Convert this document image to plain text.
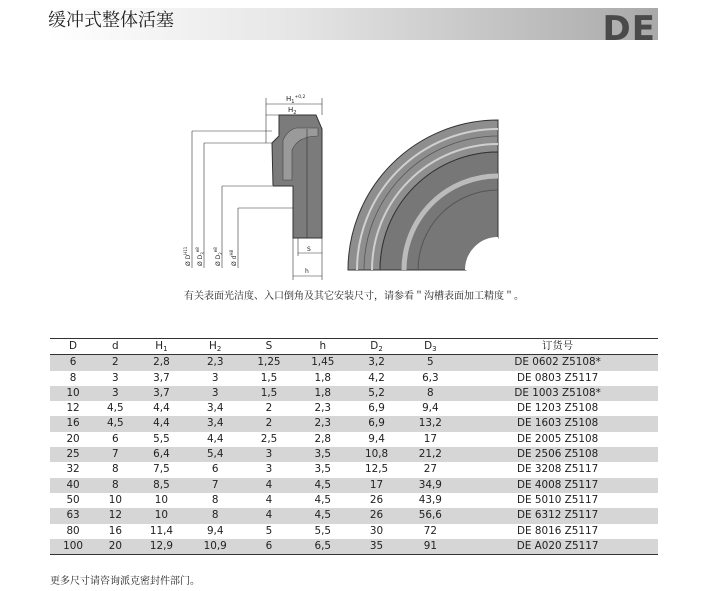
缓冲式整体活塞	DE
$H_1^{+0,2}$
$H_2$
Ø $D^{H11}$
Ø $D_3^{e8}$
Ø $D_2^{e8}$
Ø $d^{H8}$	S
h
有关表面光洁度、入口倒角及其它安装尺寸，请参看＂沟槽表面加工精度＂。
D	d	$H_1$	$H_2$	S	h	$D_2$	$D_3$	订货号
6	2	2,8	2,3	1,25	1,45	3,2	5	DE 0602 Z5108*
8	3	3,7	3	1,5	1,8	4,2	6,3	DE 0803 Z5117
10	3	3,7	3	1,5	1,8	5,2	8	DE 1003 Z5108*
12	4,5	4,4	3,4	2	2,3	6,9	9,4	DE 1203 Z5108
16	4,5	4,4	3,4	2	2,3	6,9	13,2	DE 1603 Z5108
20	6	5,5	4,4	2,5	2,8	9,4	17	DE 2005 Z5108
25	7	6,4	5,4	3	3,5	10,8	21,2	DE 2506 Z5108
32	8	7,5	6	3	3,5	12,5	27	DE 3208 Z5117
40	8	8,5	7	4	4,5	17	34,9	DE 4008 Z5117
50	10	10	8	4	4,5	26	43,9	DE 5010 Z5117
63	12	10	8	4	4,5	26	56,6	DE 6312 Z5117
80	16	11,4	9,4	5	5,5	30	72	DE 8016 Z5117
100	20	12,9	10,9	6	6,5	35	91	DE A020 Z5117
更多尺寸请咨询派克密封件部门。
